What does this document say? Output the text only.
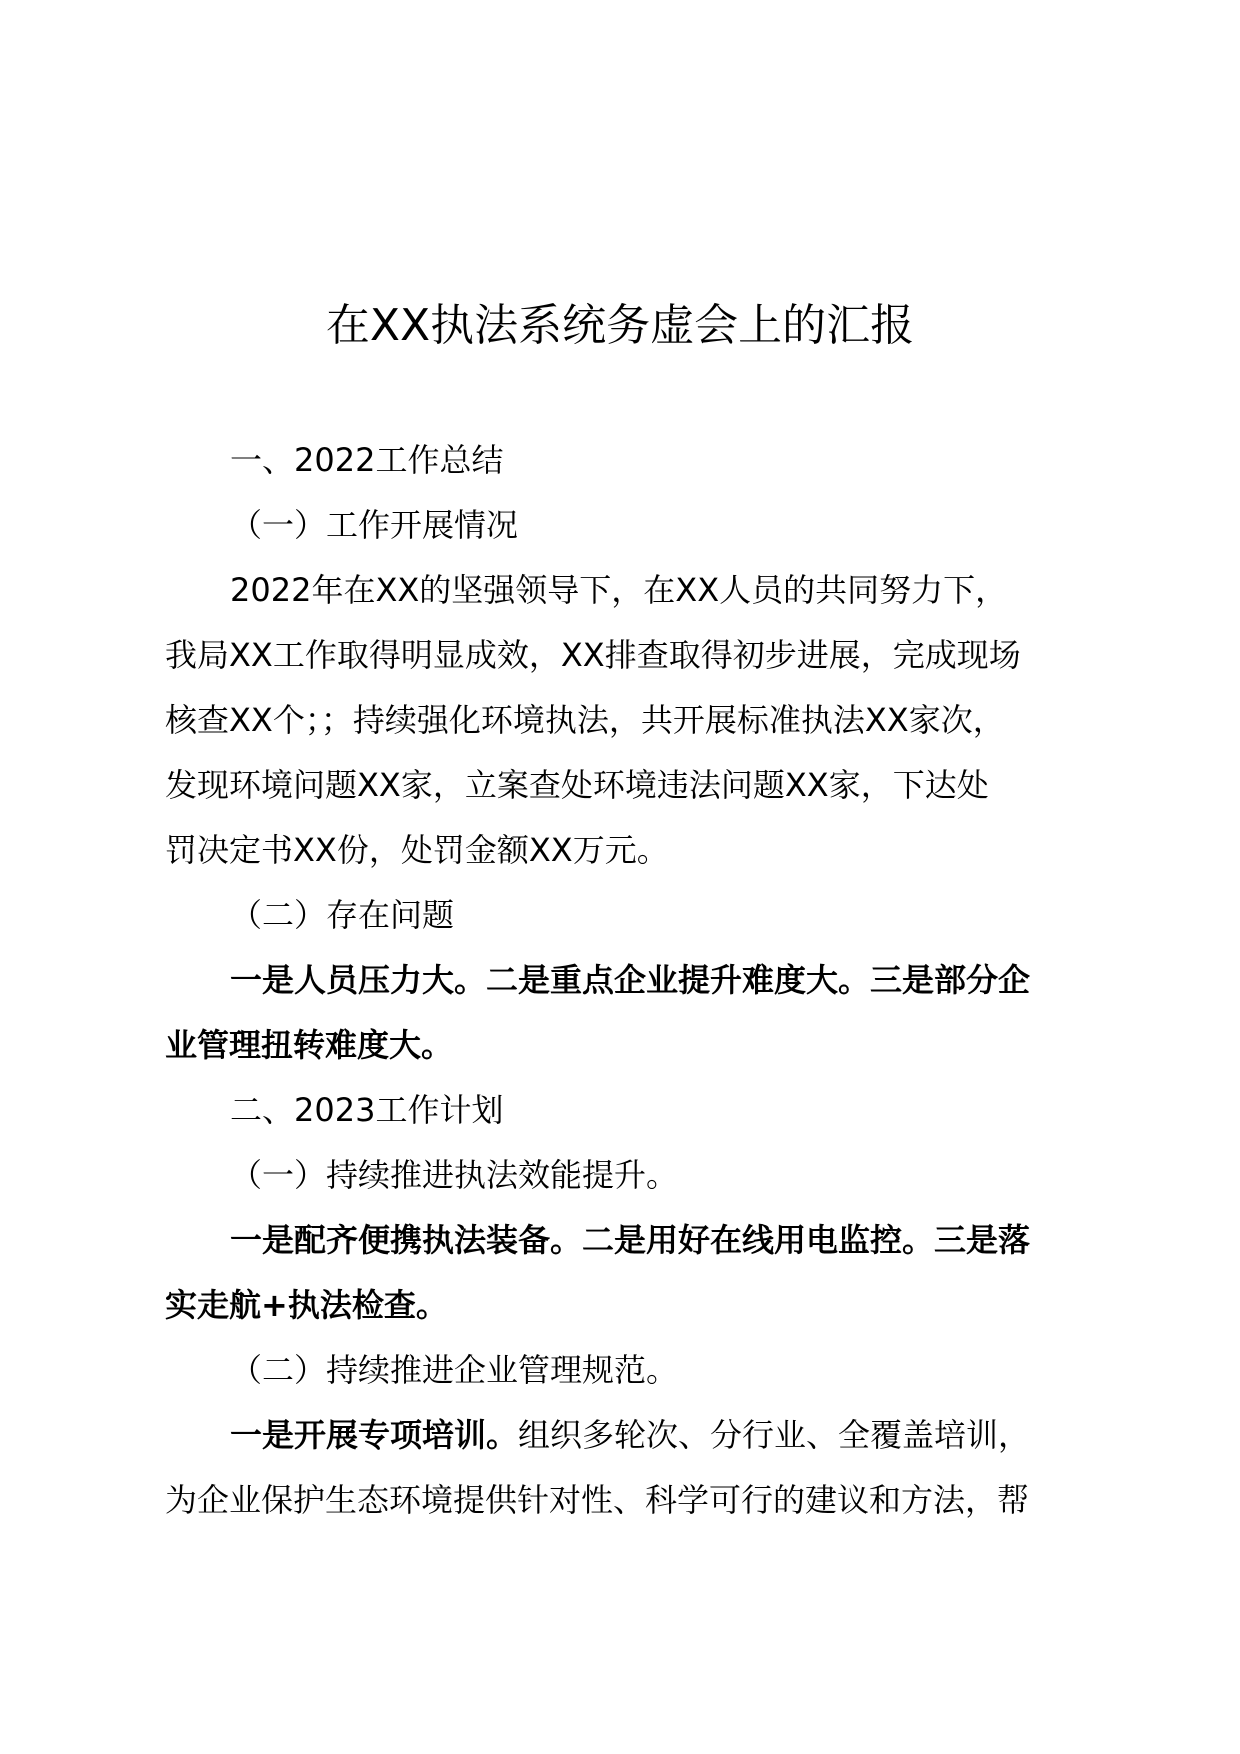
在XX执法系统务虚会上的汇报
一、2022工作总结
（一）工作开展情况
2022年在XX的坚强领导下，在XX人员的共同努力下，
我局XX工作取得明显成效，XX排查取得初步进展，完成现场
核查XX个；；持续强化环境执法，共开展标准执法XX家次，
发现环境问题XX家，立案查处环境违法问题XX家，下达处
罚决定书XX份，处罚金额XX万元。
（二）存在问题
一是人员压力大。二是重点企业提升难度大。三是部分企
业管理扭转难度大。
二、2023工作计划
（一）持续推进执法效能提升。
一是配齐便携执法装备。二是用好在线用电监控。三是落
实走航+执法检查。
（二）持续推进企业管理规范。
一是开展专项培训。组织多轮次、分行业、全覆盖培训，
为企业保护生态环境提供针对性、科学可行的建议和方法，帮
